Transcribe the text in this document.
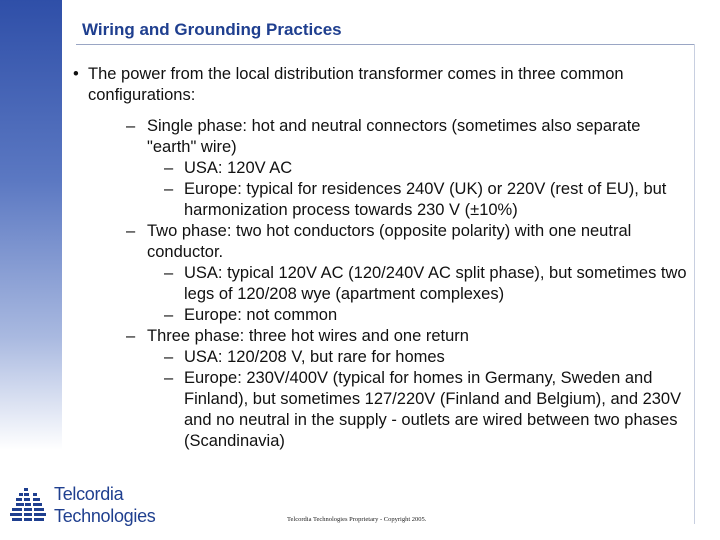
Wiring and Grounding Practices
• The power from the local distribution transformer comes in three common configurations:
– Single phase: hot and neutral connectors (sometimes also separate "earth" wire)
– USA: 120V AC
– Europe: typical for residences 240V (UK) or 220V (rest of EU), but harmonization process towards 230 V (±10%)
– Two phase: two hot conductors (opposite polarity) with one neutral conductor.
– USA: typical 120V AC (120/240V AC split phase), but sometimes two legs of 120/208 wye (apartment complexes)
– Europe: not common
– Three phase: three hot wires and one return
– USA: 120/208 V, but rare for homes
– Europe: 230V/400V (typical for homes in Germany, Sweden and Finland), but sometimes 127/220V (Finland and Belgium), and 230V and no neutral in the supply - outlets are wired between two phases (Scandinavia)
Telcordia
Technologies	Telcordia Technologies Proprietary - Copyright 2005.
